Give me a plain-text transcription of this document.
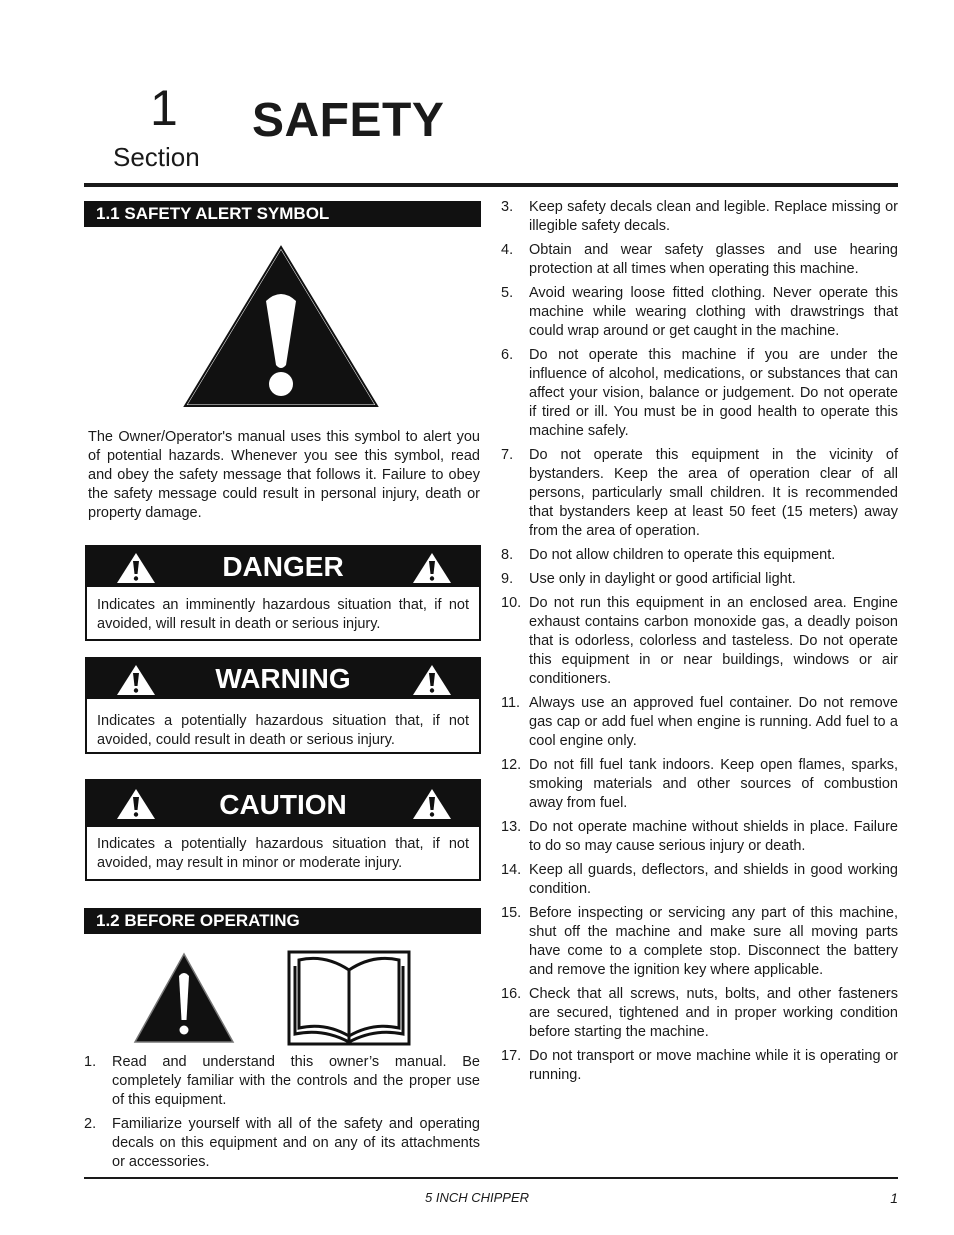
1
Section
SAFETY
1.1 SAFETY ALERT SYMBOL
The Owner/Operator's manual uses this symbol to alert you of potential hazards. Whenever you see this symbol, read and obey the safety message that follows it. Failure to obey the safety message could result in personal injury, death or property damage.
DANGER
Indicates an imminently hazardous situation that, if not avoided, will result in death or serious injury.
WARNING
Indicates a potentially hazardous situation that, if not avoided, could result in death or serious injury.
CAUTION
Indicates a potentially hazardous situation that, if not avoided, may result in minor or moderate injury.
1.2 BEFORE OPERATING
1. Read and understand this owner’s manual. Be completely familiar with the controls and the proper use of this equipment.
2. Familiarize yourself with all of the safety and operating decals on this equipment and on any of its attachments or accessories.
3. Keep safety decals clean and legible. Replace missing or illegible safety decals.
4. Obtain and wear safety glasses and use hearing protection at all times when operating this machine.
5. Avoid wearing loose fitted clothing. Never operate this machine while wearing clothing with drawstrings that could wrap around or get caught in the machine.
6. Do not operate this machine if you are under the influence of alcohol, medications, or substances that can affect your vision, balance or judgement. Do not operate if tired or ill. You must be in good health to operate this machine safely.
7. Do not operate this equipment in the vicinity of bystanders. Keep the area of operation clear of all persons, particularly small children. It is recommended that bystanders keep at least 50 feet (15 meters) away from the area of operation.
8. Do not allow children to operate this equipment.
9. Use only in daylight or good artificial light.
10. Do not run this equipment in an enclosed area. Engine exhaust contains carbon monoxide gas, a deadly poison that is odorless, colorless and tasteless. Do not operate this equipment in or near buildings, windows or air conditioners.
11. Always use an approved fuel container. Do not remove gas cap or add fuel when engine is running. Add fuel to a cool engine only.
12. Do not fill fuel tank indoors. Keep open flames, sparks, smoking materials and other sources of combustion away from fuel.
13. Do not operate machine without shields in place. Failure to do so may cause serious injury or death.
14. Keep all guards, deflectors, and shields in good working condition.
15. Before inspecting or servicing any part of this machine, shut off the machine and make sure all moving parts have come to a complete stop. Disconnect the battery and remove the ignition key where applicable.
16. Check that all screws, nuts, bolts, and other fasteners are secured, tightened and in proper working condition before starting the machine.
17. Do not transport or move machine while it is operating or running.
5 INCH CHIPPER	1
